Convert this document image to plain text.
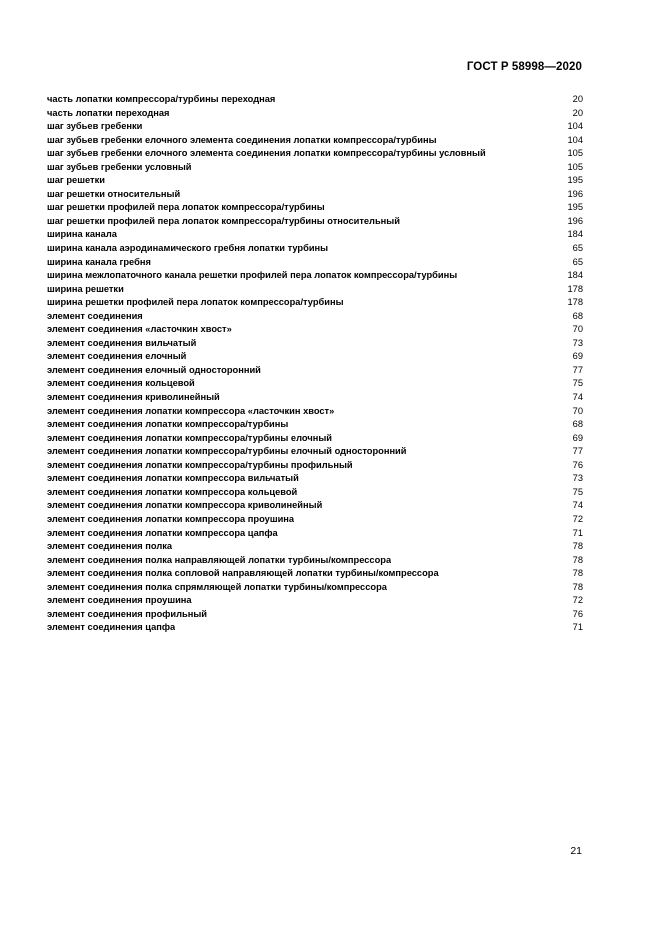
ГОСТ Р 58998—2020
часть лопатки компрессора/турбины переходная	20
часть лопатки переходная	20
шаг зубьев гребенки	104
шаг зубьев гребенки елочного элемента соединения лопатки компрессора/турбины	104
шаг зубьев гребенки елочного элемента соединения лопатки компрессора/турбины условный	105
шаг зубьев гребенки условный	105
шаг решетки	195
шаг решетки относительный	196
шаг решетки профилей пера лопаток компрессора/турбины	195
шаг решетки профилей пера лопаток компрессора/турбины относительный	196
ширина канала	184
ширина канала аэродинамического гребня лопатки турбины	65
ширина канала гребня	65
ширина межлопаточного канала решетки профилей пера лопаток компрессора/турбины	184
ширина решетки	178
ширина решетки профилей пера лопаток компрессора/турбины	178
элемент соединения	68
элемент соединения «ласточкин хвост»	70
элемент соединения вильчатый	73
элемент соединения елочный	69
элемент соединения елочный односторонний	77
элемент соединения кольцевой	75
элемент соединения криволинейный	74
элемент соединения лопатки компрессора «ласточкин хвост»	70
элемент соединения лопатки компрессора/турбины	68
элемент соединения лопатки компрессора/турбины елочный	69
элемент соединения лопатки компрессора/турбины елочный односторонний	77
элемент соединения лопатки компрессора/турбины профильный	76
элемент соединения лопатки компрессора вильчатый	73
элемент соединения лопатки компрессора кольцевой	75
элемент соединения лопатки компрессора криволинейный	74
элемент соединения лопатки компрессора проушина	72
элемент соединения лопатки компрессора цапфа	71
элемент соединения полка	78
элемент соединения полка направляющей лопатки турбины/компрессора	78
элемент соединения полка сопловой направляющей лопатки турбины/компрессора	78
элемент соединения полка спрямляющей лопатки турбины/компрессора	78
элемент соединения проушина	72
элемент соединения профильный	76
элемент соединения цапфа	71
21
